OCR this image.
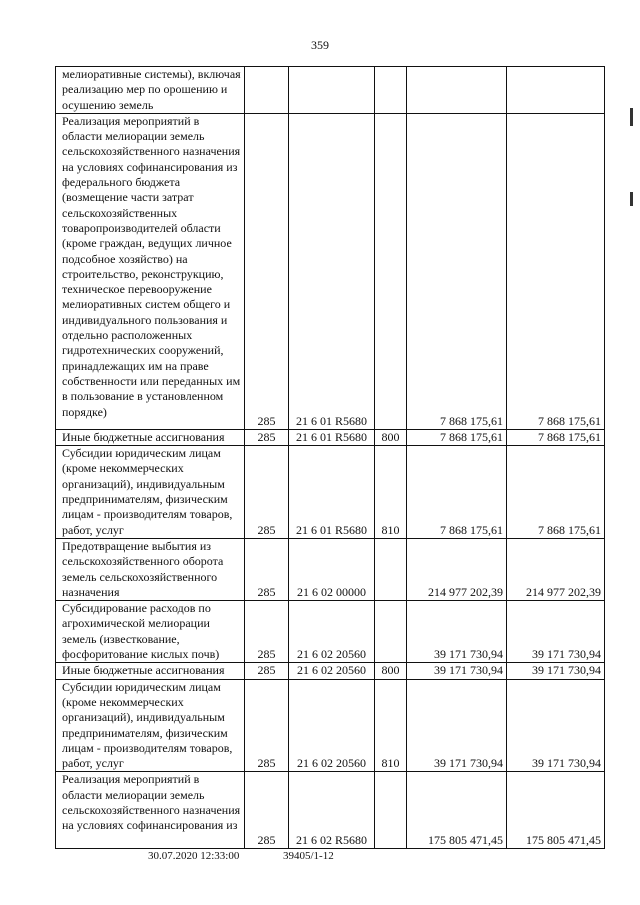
359
мелиоративные системы), включая реализацию мер по орошению и осушению земель					
Реализация мероприятий в области мелиорации земель сельскохозяйственного назначения на условиях софинансирования из федерального бюджета (возмещение части затрат сельскохозяйственных товаропроизводителей области (кроме граждан, ведущих личное подсобное хозяйство) на строительство, реконструкцию, техническое перевооружение мелиоративных систем общего и индивидуального пользования и отдельно расположенных гидротехнических сооружений, принадлежащих им на праве собственности или переданных им в пользование в установленном порядке)	285	21 6 01 R5680		7 868 175,61	7 868 175,61
Иные бюджетные ассигнования	285	21 6 01 R5680	800	7 868 175,61	7 868 175,61
Субсидии юридическим лицам (кроме некоммерческих организаций), индивидуальным предпринимателям, физическим лицам - производителям товаров, работ, услуг	285	21 6 01 R5680	810	7 868 175,61	7 868 175,61
Предотвращение выбытия из сельскохозяйственного оборота земель сельскохозяйственного назначения	285	21 6 02 00000		214 977 202,39	214 977 202,39
Субсидирование расходов по агрохимической мелиорации земель (известкование, фосфоритование кислых почв)	285	21 6 02 20560		39 171 730,94	39 171 730,94
Иные бюджетные ассигнования	285	21 6 02 20560	800	39 171 730,94	39 171 730,94
Субсидии юридическим лицам (кроме некоммерческих организаций), индивидуальным предпринимателям, физическим лицам - производителям товаров, работ, услуг	285	21 6 02 20560	810	39 171 730,94	39 171 730,94
Реализация мероприятий в области мелиорации земель сельскохозяйственного назначения на условиях софинансирования из	285	21 6 02 R5680		175 805 471,45	175 805 471,45
30.07.2020 12:33:00	39405/1-12
